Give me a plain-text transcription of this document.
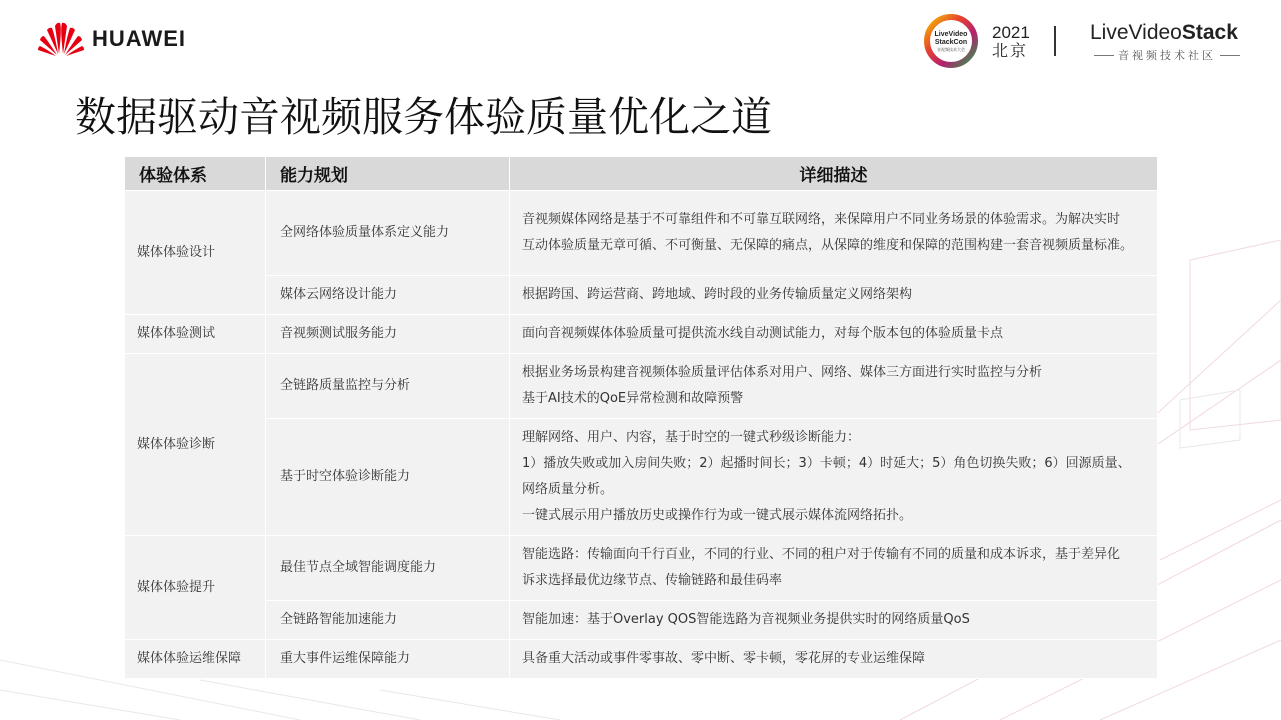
HUAWEI	LiveVideo
StackCon
音视频技术大会
2021
北京
LiveVideoStack
音视频技术社区
数据驱动音视频服务体验质量优化之道
体验体系	能力规划	详细描述
媒体体验设计	全网络体验质量体系定义能力	音视频媒体网络是基于不可靠组件和不可靠互联网络，来保障用户不同业务场景的体验需求。为解决实时
互动体验质量无章可循、不可衡量、无保障的痛点，从保障的维度和保障的范围构建一套音视频质量标准。

	媒体云网络设计能力	根据跨国、跨运营商、跨地域、跨时段的业务传输质量定义网络架构

媒体体验测试	音视频测试服务能力	面向音视频媒体体验质量可提供流水线自动测试能力，对每个版本包的体验质量卡点

媒体体验诊断	全链路质量监控与分析	根据业务场景构建音视频体验质量评估体系对用户、网络、媒体三方面进行实时监控与分析
基于AI技术的QoE异常检测和故障预警

	基于时空体验诊断能力	理解网络、用户、内容，基于时空的一键式秒级诊断能力：
1）播放失败或加入房间失败；2）起播时间长；3）卡顿；4）时延大；5）角色切换失败；6）回源质量、
网络质量分析。
一键式展示用户播放历史或操作行为或一键式展示媒体流网络拓扑。

媒体体验提升	最佳节点全域智能调度能力	智能选路：传输面向千行百业，不同的行业、不同的租户对于传输有不同的质量和成本诉求，基于差异化
诉求选择最优边缘节点、传输链路和最佳码率

	全链路智能加速能力	智能加速：基于Overlay QOS智能选路为音视频业务提供实时的网络质量QoS

媒体体验运维保障	重大事件运维保障能力	具备重大活动或事件零事故、零中断、零卡顿，零花屏的专业运维保障
